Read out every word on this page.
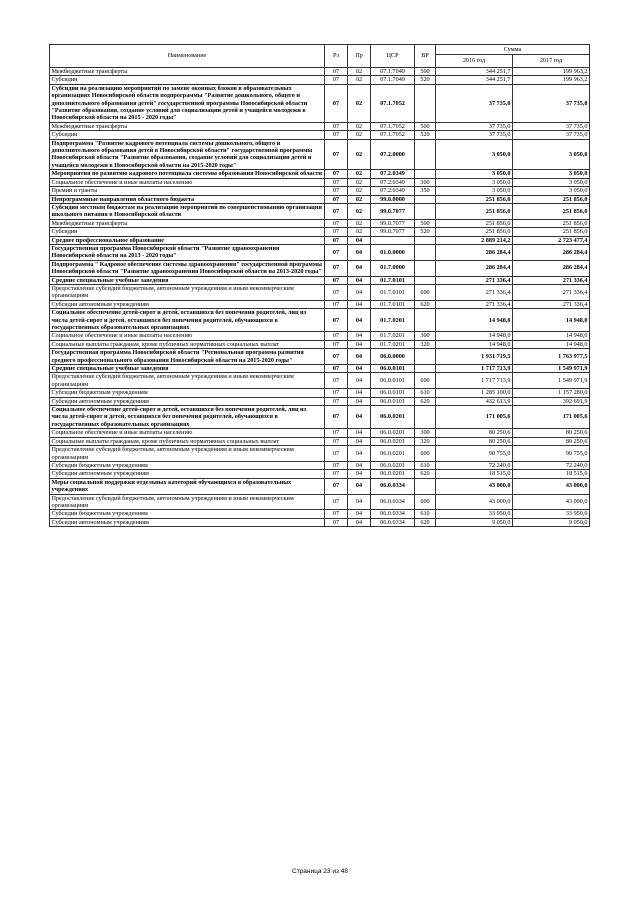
Наименование	Рз	Пр	ЦСР	ВР	Сумма	
					2016 год	2017 год
Межбюджетные трансферты	07	02	07.1.7049	500	344 251,7	199 963,2
Субсидии	07	02	07.1.7049	520	344 251,7	199 963,2
Субсидии на реализацию мероприятий по замене оконных блоков в образовательных организациях Новосибирской области подпрограммы "Развитие дошкольного, общего и дополнительного образования детей" государственной программы Новосибирской области "Развитие образования, создание условий для социализации детей и учащейся молодежи в Новосибирской области на 2015 - 2020 годы"	07	02	07.1.7052		37 735,0	37 735,0
Межбюджетные трансферты	07	02	07.1.7052	500	37 735,0	37 735,0
Субсидии	07	02	07.1.7052	520	37 735,0	37 735,0
Подпрограмма "Развитие кадрового потенциала системы дошкольного, общего и дополнительного образования детей в Новосибирской области" государственной программы Новосибирской области "Развитие образования, создание условий для социализации детей и учащейся молодежи в Новосибирской области на 2015-2020 годы"	07	02	07.2.0000		3 050,0	3 050,0
Мероприятия по развитию кадрового потенциала системы образования Новосибирской области	07	02	07.2.0349		3 050,0	3 050,0
Социальное обеспечение и иные выплаты населению	07	02	07.2.0349	300	3 050,0	3 050,0
Премии и гранты	07	02	07.2.0349	350	3 050,0	3 050,0
Непрограммные направления областного бюджета	07	02	99.0.0000		251 856,0	251 856,0
Субсидия местным бюджетам на реализацию мероприятий по совершенствованию организации школьного питания в Новосибирской области	07	02	99.0.7077		251 856,0	251 856,0
Межбюджетные трансферты	07	02	99.0.7077	500	251 856,0	251 856,0
Субсидии	07	02	99.0.7077	520	251 856,0	251 856,0
Среднее профессиональное образование	07	04			2 889 214,2	2 723 477,4
Государственная программа Новосибирской области "Развитие здравоохранения Новосибирской области на 2013 - 2020 годы"	07	04	01.0.0000		286 284,4	286 284,4
Подпрограмма " Кадровое обеспечение системы здравоохранения" государственной программы Новосибирской области "Развитие здравоохранения Новосибирской области на 2013-2020 годы"	07	04	01.7.0000		286 284,4	286 284,4
Средние специальные учебные заведения	07	04	01.7.0101		271 336,4	271 336,4
Предоставление субсидий бюджетным, автономным учреждениям и иным некоммерческим организациям	07	04	01.7.0101	600	271 336,4	271 336,4
Субсидии автономным учреждениям	07	04	01.7.0101	620	271 336,4	271 336,4
Социальное обеспечение детей-сирот и детей, оставшихся без попечения родителей, лиц из числа детей-сирот и детей, оставшихся без попечения родителей, обучающихся в государственных образовательных организациях	07	04	01.7.0201		14 948,0	14 948,0
Социальное обеспечение и иные выплаты населению	07	04	01.7.0201	300	14 948,0	14 948,0
Социальные выплаты гражданам, кроме публичных нормативных социальных выплат	07	04	01.7.0201	320	14 948,0	14 948,0
Государственная программа Новосибирской области "Региональная программа развития среднего профессионального образования Новосибирской области на 2015-2020 годы"	07	04	06.0.0000		1 931 719,5	1 763 977,5
Средние специальные учебные заведения	07	04	06.0.0101		1 717 713,9	1 549 971,9
Предоставление субсидий бюджетным, автономным учреждениям и иным некоммерческим организациям	07	04	06.0.0101	600	1 717 713,9	1 549 971,9
Субсидии бюджетным учреждениям	07	04	06.0.0101	610	1 285 100,0	1 157 280,0
Субсидии автономным учреждениям	07	04	06.0.0101	620	432 613,9	392 691,9
Социальное обеспечение детей-сирот и детей, оставшихся без попечения родителей, лиц из числа детей-сирот и детей, оставшихся без попечения родителей, обучающихся в государственных образовательных организациях	07	04	06.0.0201		171 005,6	171 005,6
Социальное обеспечение и иные выплаты населению	07	04	06.0.0201	300	80 250,6	80 250,6
Социальные выплаты гражданам, кроме публичных нормативных социальных выплат	07	04	06.0.0201	320	80 250,6	80 250,6
Предоставление субсидий бюджетным, автономным учреждениям и иным некоммерческим организациям	07	04	06.0.0201	600	90 755,0	90 755,0
Субсидии бюджетным учреждениям	07	04	06.0.0201	610	72 240,0	72 240,0
Субсидии автономным учреждениям	07	04	06.0.0201	620	18 515,0	18 515,0
Меры социальной поддержки отдельных категорий обучающихся в образовательных учреждениях	07	04	06.0.0334		43 000,0	43 000,0
Предоставление субсидий бюджетным, автономным учреждениям и иным некоммерческим организациям	07	04	06.0.0334	600	43 000,0	43 000,0
Субсидии бюджетным учреждениям	07	04	06.0.0334	610	33 950,0	33 950,0
Субсидии автономным учреждениям	07	04	06.0.0334	620	9 050,0	9 050,0
Страница 23 из 48
